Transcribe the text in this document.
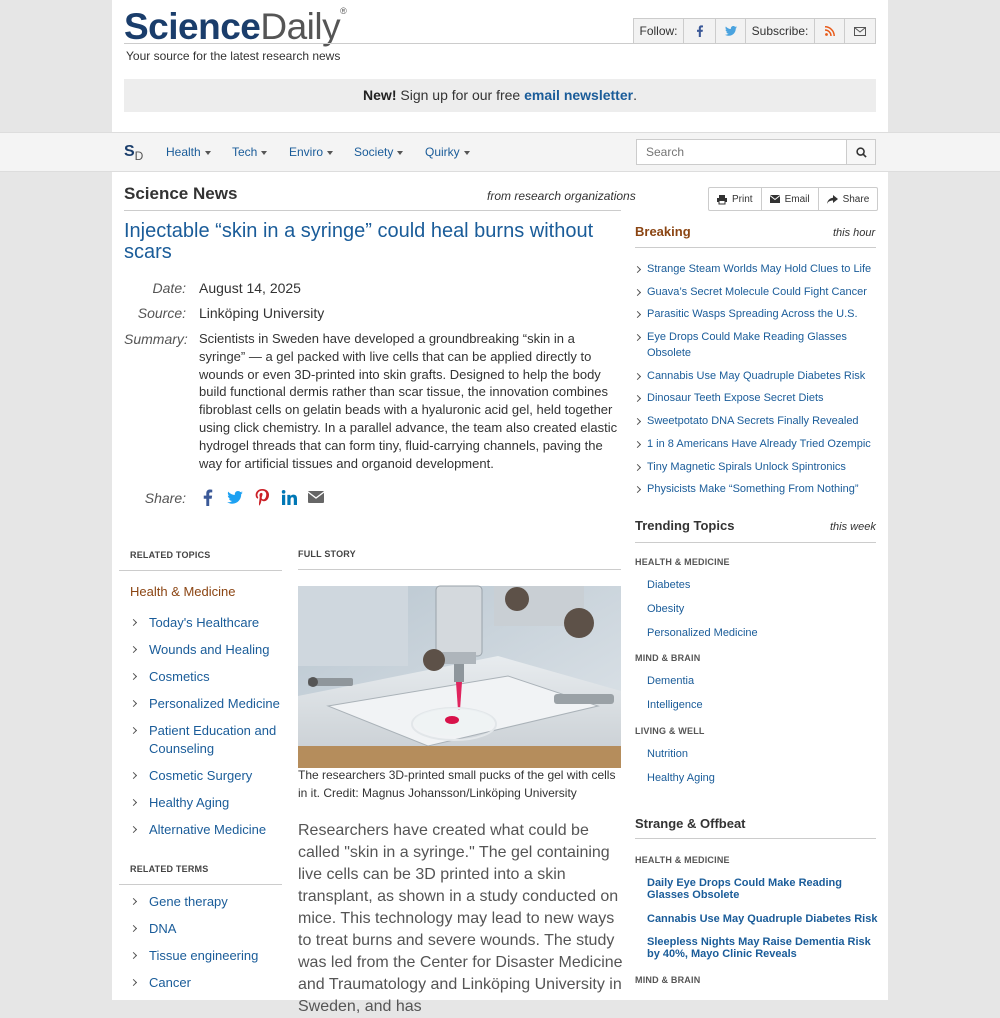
ScienceDaily®
Your source for the latest research news
Follow:	Subscribe:
New! Sign up for our free email newsletter.
$S_D$ Health	Tech	Enviro	Society	Quirky
Search
Science News	from research organizations
Injectable “skin in a syringe” could heal burns without scars
Date: August 14, 2025
Source: Linköping University
Summary: Scientists in Sweden have developed a groundbreaking “skin in a syringe” — a gel packed with live cells that can be applied directly to wounds or even 3D-printed into skin grafts. Designed to help the body build functional dermis rather than scar tissue, the innovation combines fibroblast cells on gelatin beads with a hyaluronic acid gel, held together using click chemistry. In a parallel advance, the team also created elastic hydrogel threads that can form tiny, fluid-carrying channels, paving the way for artificial tissues and organoid development.
Share:
Print	Email	Share
Breaking	this hour
Strange Steam Worlds May Hold Clues to Life
Guava’s Secret Molecule Could Fight Cancer
Parasitic Wasps Spreading Across the U.S.
Eye Drops Could Make Reading Glasses Obsolete
Cannabis Use May Quadruple Diabetes Risk
Dinosaur Teeth Expose Secret Diets
Sweetpotato DNA Secrets Finally Revealed
1 in 8 Americans Have Already Tried Ozempic
Tiny Magnetic Spirals Unlock Spintronics
Physicists Make “Something From Nothing”
Trending Topics	this week
HEALTH & MEDICINE
Diabetes
Obesity
Personalized Medicine
MIND & BRAIN
Dementia
Intelligence
LIVING & WELL
Nutrition
Healthy Aging
Strange & Offbeat
HEALTH & MEDICINE
Daily Eye Drops Could Make Reading Glasses Obsolete
Cannabis Use May Quadruple Diabetes Risk
Sleepless Nights May Raise Dementia Risk by 40%, Mayo Clinic Reveals
MIND & BRAIN
RELATED TOPICS
Health & Medicine
Today's Healthcare
Wounds and Healing
Cosmetics
Personalized Medicine
Patient Education and Counseling
Cosmetic Surgery
Healthy Aging
Alternative Medicine
RELATED TERMS
Gene therapy
DNA
Tissue engineering
Cancer
FULL STORY
The researchers 3D-printed small pucks of the gel with cells in it. Credit: Magnus Johansson/Linköping University
Researchers have created what could be called "skin in a syringe." The gel containing live cells can be 3D printed into a skin transplant, as shown in a study conducted on mice. This technology may lead to new ways to treat burns and severe wounds. The study was led from the Center for Disaster Medicine and Traumatology and Linköping University in Sweden, and has
